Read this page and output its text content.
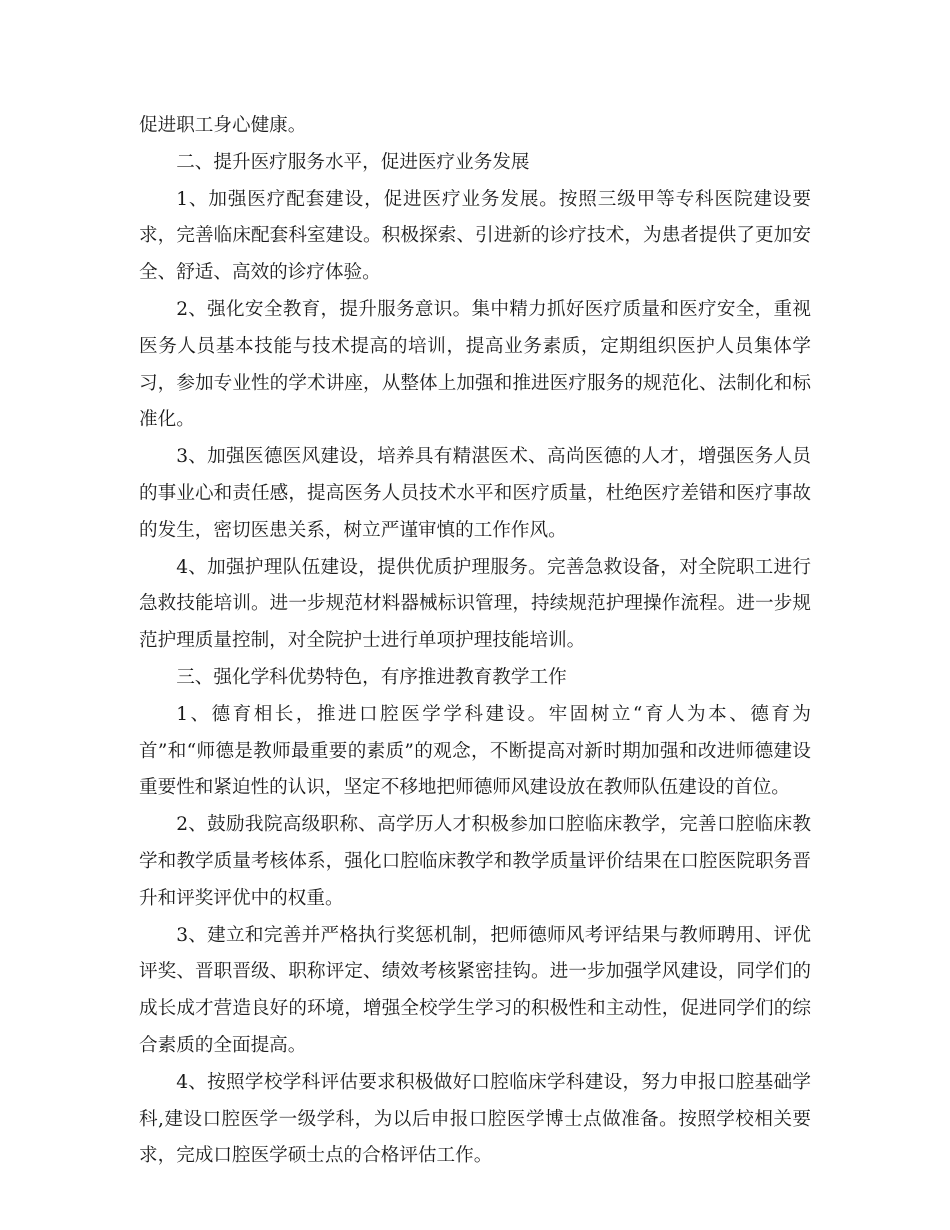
促进职工身心健康。

二、提升医疗服务水平，促进医疗业务发展

1、加强医疗配套建设，促进医疗业务发展。按照三级甲等专科医院建设要求，完善临床配套科室建设。积极探索、引进新的诊疗技术，为患者提供了更加安全、舒适、高效的诊疗体验。

2、强化安全教育，提升服务意识。集中精力抓好医疗质量和医疗安全，重视医务人员基本技能与技术提高的培训，提高业务素质，定期组织医护人员集体学习，参加专业性的学术讲座，从整体上加强和推进医疗服务的规范化、法制化和标准化。

3、加强医德医风建设，培养具有精湛医术、高尚医德的人才，增强医务人员的事业心和责任感，提高医务人员技术水平和医疗质量，杜绝医疗差错和医疗事故的发生，密切医患关系，树立严谨审慎的工作作风。

4、加强护理队伍建设，提供优质护理服务。完善急救设备，对全院职工进行急救技能培训。进一步规范材料器械标识管理，持续规范护理操作流程。进一步规范护理质量控制，对全院护士进行单项护理技能培训。

三、强化学科优势特色，有序推进教育教学工作

1、德育相长，推进口腔医学学科建设。牢固树立“育人为本、德育为首”和“师德是教师最重要的素质”的观念，不断提高对新时期加强和改进师德建设重要性和紧迫性的认识，坚定不移地把师德师风建设放在教师队伍建设的首位。

2、鼓励我院高级职称、高学历人才积极参加口腔临床教学，完善口腔临床教学和教学质量考核体系，强化口腔临床教学和教学质量评价结果在口腔医院职务晋升和评奖评优中的权重。

3、建立和完善并严格执行奖惩机制，把师德师风考评结果与教师聘用、评优评奖、晋职晋级、职称评定、绩效考核紧密挂钩。进一步加强学风建设，同学们的成长成才营造良好的环境，增强全校学生学习的积极性和主动性，促进同学们的综合素质的全面提高。

4、按照学校学科评估要求积极做好口腔临床学科建设，努力申报口腔基础学科,建设口腔医学一级学科，为以后申报口腔医学博士点做准备。按照学校相关要求，完成口腔医学硕士点的合格评估工作。
